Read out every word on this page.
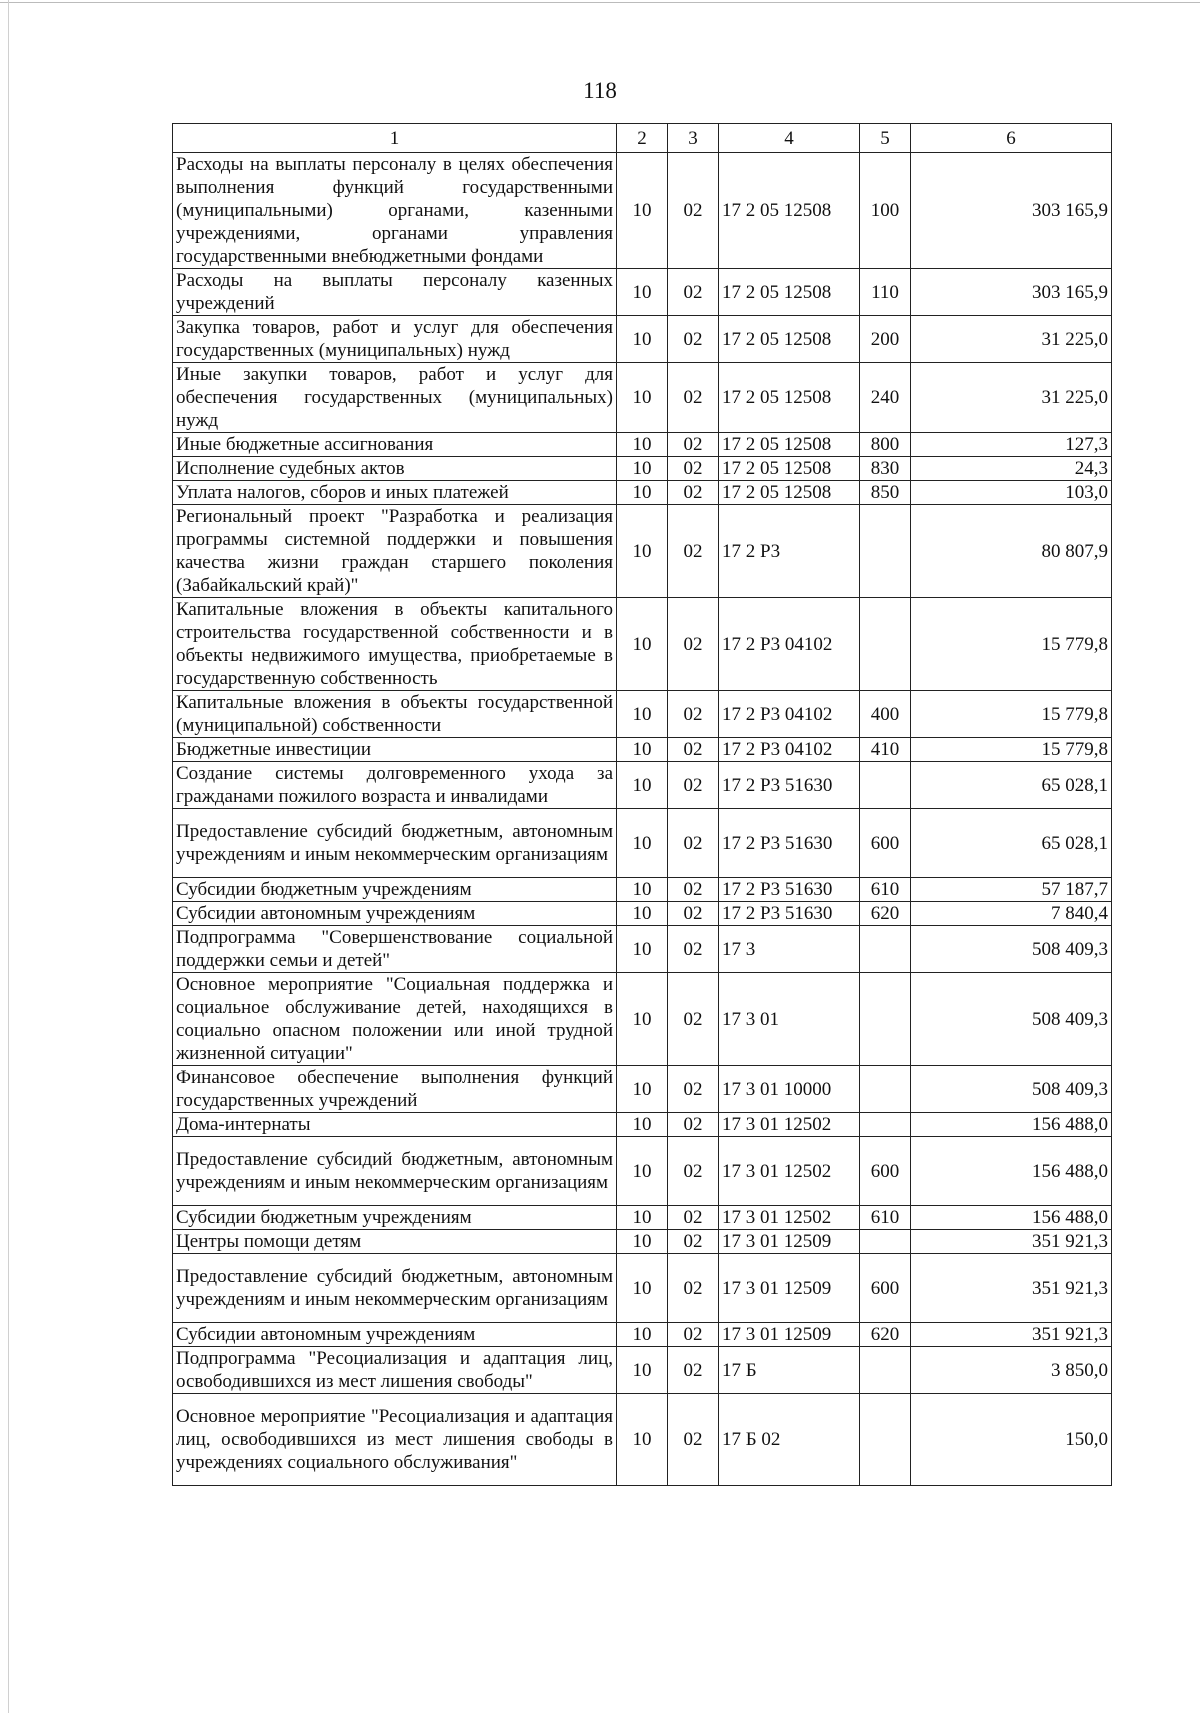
118
1	2	3	4	5	6
Расходы на выплаты персоналу в целях обеспечения выполнения функций государственными (муниципальными) органами, казенными учреждениями, органами управления государственными внебюджетными фондами	10	02	17 2 05 12508	100	303 165,9
Расходы на выплаты персоналу казенных учреждений	10	02	17 2 05 12508	110	303 165,9
Закупка товаров, работ и услуг для обеспечения государственных (муниципальных) нужд	10	02	17 2 05 12508	200	31 225,0
Иные закупки товаров, работ и услуг для обеспечения государственных (муниципальных) нужд	10	02	17 2 05 12508	240	31 225,0
Иные бюджетные ассигнования	10	02	17 2 05 12508	800	127,3
Исполнение судебных актов	10	02	17 2 05 12508	830	24,3
Уплата налогов, сборов и иных платежей	10	02	17 2 05 12508	850	103,0
Региональный проект "Разработка и реализация программы системной поддержки и повышения качества жизни граждан старшего поколения (Забайкальский край)"	10	02	17 2 P3		80 807,9
Капитальные вложения в объекты капитального строительства государственной собственности и в объекты недвижимого имущества, приобретаемые в государственную собственность	10	02	17 2 P3 04102		15 779,8
Капитальные вложения в объекты государственной (муниципальной) собственности	10	02	17 2 P3 04102	400	15 779,8
Бюджетные инвестиции	10	02	17 2 P3 04102	410	15 779,8
Создание системы долговременного ухода за гражданами пожилого возраста и инвалидами	10	02	17 2 P3 51630		65 028,1
Предоставление субсидий бюджетным, автономным учреждениям и иным некоммерческим организациям	10	02	17 2 P3 51630	600	65 028,1
Субсидии бюджетным учреждениям	10	02	17 2 P3 51630	610	57 187,7
Субсидии автономным учреждениям	10	02	17 2 P3 51630	620	7 840,4
Подпрограмма "Совершенствование социальной поддержки семьи и детей"	10	02	17 3		508 409,3
Основное мероприятие "Социальная поддержка и социальное обслуживание детей, находящихся в социально опасном положении или иной трудной жизненной ситуации"	10	02	17 3 01		508 409,3
Финансовое обеспечение выполнения функций государственных учреждений	10	02	17 3 01 10000		508 409,3
Дома-интернаты	10	02	17 3 01 12502		156 488,0
Предоставление субсидий бюджетным, автономным учреждениям и иным некоммерческим организациям	10	02	17 3 01 12502	600	156 488,0
Субсидии бюджетным учреждениям	10	02	17 3 01 12502	610	156 488,0
Центры помощи детям	10	02	17 3 01 12509		351 921,3
Предоставление субсидий бюджетным, автономным учреждениям и иным некоммерческим организациям	10	02	17 3 01 12509	600	351 921,3
Субсидии автономным учреждениям	10	02	17 3 01 12509	620	351 921,3
Подпрограмма "Ресоциализация и адаптация лиц, освободившихся из мест лишения свободы"	10	02	17 Б		3 850,0
Основное мероприятие "Ресоциализация и адаптация лиц, освободившихся из мест лишения свободы в учреждениях социального обслуживания"	10	02	17 Б 02		150,0
